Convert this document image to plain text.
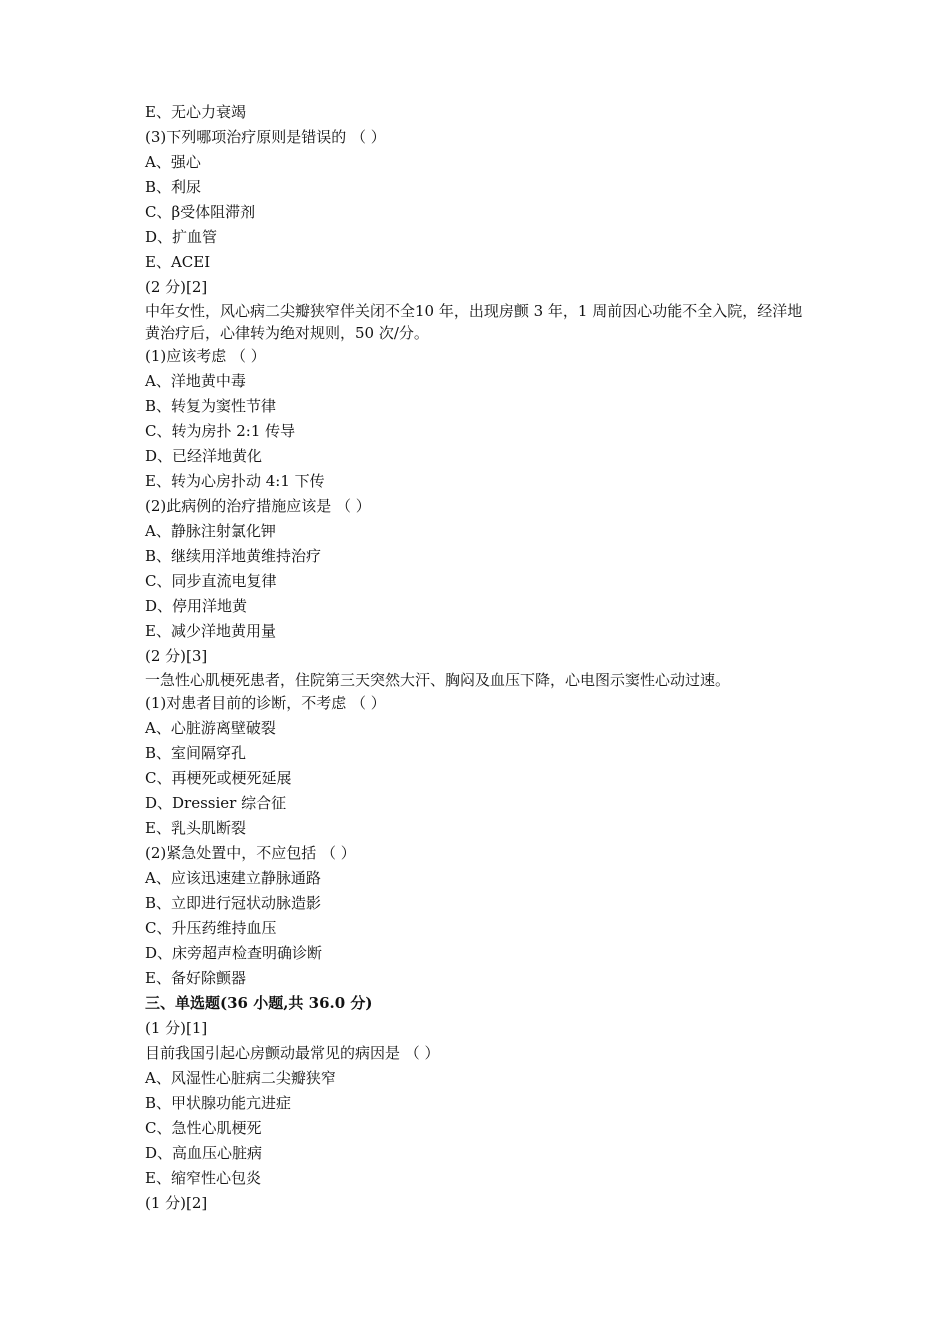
E、无心力衰竭
(3)下列哪项治疗原则是错误的 （ ）
A、强心
B、利尿
C、β受体阻滞剂
D、扩血管
E、ACEI
(2 分)[2]
中年女性，风心病二尖瓣狭窄伴关闭不全10 年，出现房颤 3 年，1 周前因心功能不全入院，经洋地黄治疗后，心律转为绝对规则，50 次/分。
(1)应该考虑 （ ）
A、洋地黄中毒
B、转复为窦性节律
C、转为房扑 2:1 传导
D、已经洋地黄化
E、转为心房扑动 4:1 下传
(2)此病例的治疗措施应该是 （ ）
A、静脉注射氯化钾
B、继续用洋地黄维持治疗
C、同步直流电复律
D、停用洋地黄
E、减少洋地黄用量
(2 分)[3]
一急性心肌梗死患者，住院第三天突然大汗、胸闷及血压下降，心电图示窦性心动过速。
(1)对患者目前的诊断，不考虑 （ ）
A、心脏游离壁破裂
B、室间隔穿孔
C、再梗死或梗死延展
D、Dressier 综合征
E、乳头肌断裂
(2)紧急处置中，不应包括 （ ）
A、应该迅速建立静脉通路
B、立即进行冠状动脉造影
C、升压药维持血压
D、床旁超声检查明确诊断
E、备好除颤器
三、单选题(36 小题,共 36.0 分)
(1 分)[1]
目前我国引起心房颤动最常见的病因是 （ ）
A、风湿性心脏病二尖瓣狭窄
B、甲状腺功能亢进症
C、急性心肌梗死
D、高血压心脏病
E、缩窄性心包炎
(1 分)[2]
